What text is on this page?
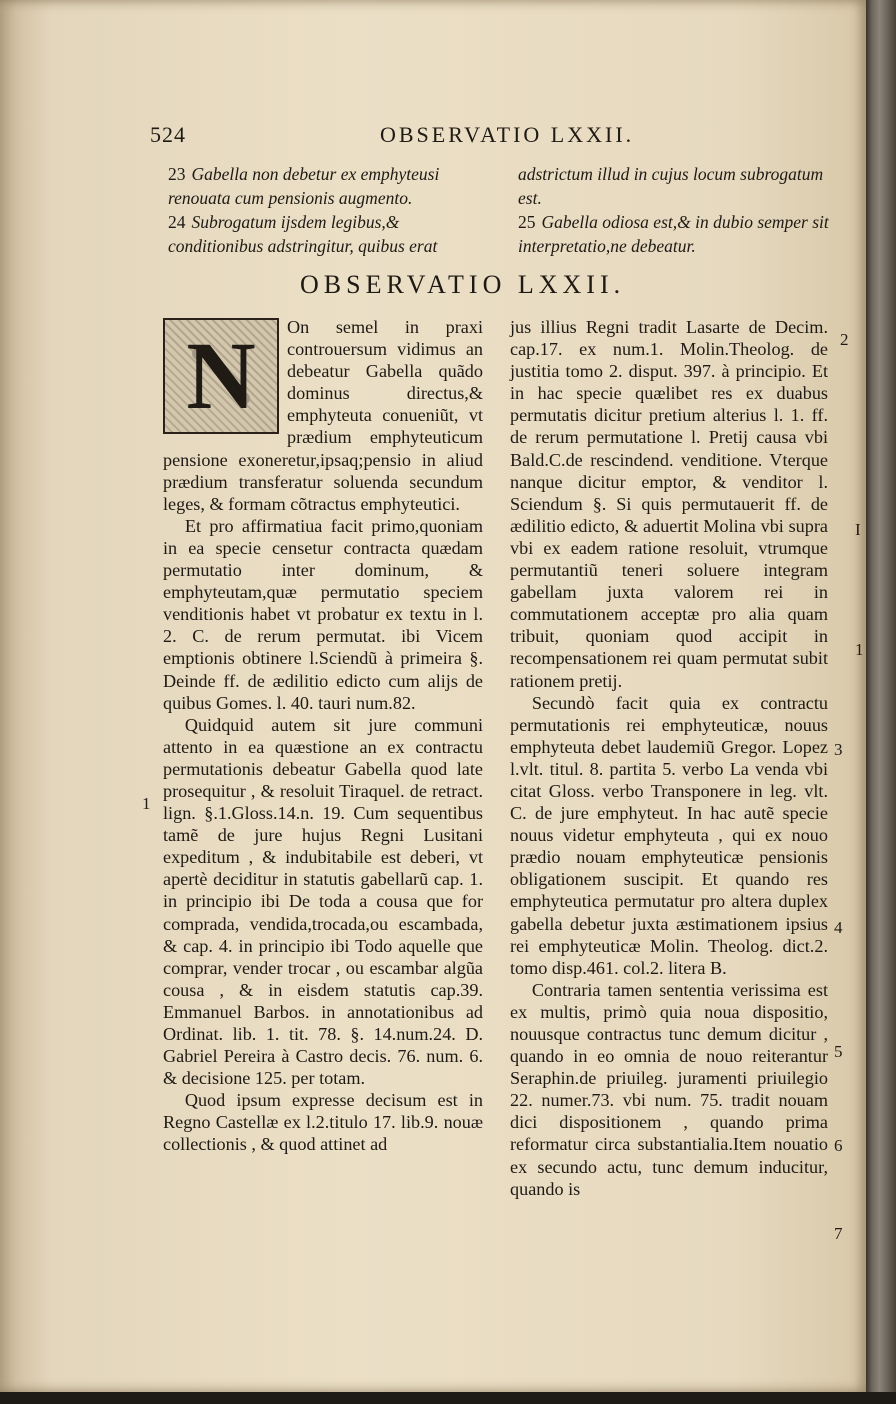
524	OBSERVATIO LXXII.

23 Gabella non debetur ex emphyteusi renouata cum pensionis augmento.

24 Subrogatum ijsdem legibus,& conditionibus adstringitur, quibus erat

adstrictum illud in cujus locum subrogatum est.

25 Gabella odiosa est,& in dubio semper sit interpretatio,ne debeatur.

OBSERVATIO LXXII.
N	On semel in praxi controuersum vidimus an debeatur Gabella quãdo dominus directus,& emphyteuta conueniũt, vt prædium emphyteuticum pensione exoneretur,ipsaq;pensio in aliud prædium transferatur soluenda secundum leges, & formam cõtractus emphyteutici.

Et pro affirmatiua facit primo,quoniam in ea specie censetur contracta quædam permutatio inter dominum, & emphyteutam,quæ permutatio speciem venditionis habet vt probatur ex textu in l. 2. C. de rerum permutat. ibi Vicem emptionis obtinere l.Sciendũ à primeira §. Deinde ff. de ædilitio edicto cum alijs de quibus Gomes. l. 40. tauri num.82.

Quidquid autem sit jure communi attento in ea quæstione an ex contractu permutationis debeatur Gabella quod late prosequitur , & resoluit Tiraquel. de retract. lign. §.1.Gloss.14.n. 19. Cum sequentibus tamẽ de jure hujus Regni Lusitani expeditum , & indubitabile est deberi, vt apertè deciditur in statutis gabellarũ cap. 1. in principio ibi De toda a cousa que for comprada, vendida,trocada,ou escambada, & cap. 4. in principio ibi Todo aquelle que comprar, vender trocar , ou escambar algũa cousa , & in eisdem statutis cap.39. Emmanuel Barbos. in annotationibus ad Ordinat. lib. 1. tit. 78. §. 14.num.24. D. Gabriel Pereira à Castro decis. 76. num. 6. & decisione 125. per totam.

Quod ipsum expresse decisum est in Regno Castellæ ex l.2.titulo 17. lib.9. nouæ collectionis , & quod attinet ad

jus illius Regni tradit Lasarte de Decim. cap.17. ex num.1. Molin.Theolog. de justitia tomo 2. disput. 397. à principio. Et in hac specie quælibet res ex duabus permutatis dicitur pretium alterius l. 1. ff. de rerum permutatione l. Pretij causa vbi Bald.C.de rescindend. venditione. Vterque nanque dicitur emptor, & venditor l. Sciendum §. Si quis permutauerit ff. de ædilitio edicto, & aduertit Molina vbi supra vbi ex eadem ratione resoluit, vtrumque permutantiũ teneri soluere integram gabellam juxta valorem rei in commutationem acceptæ pro alia quam tribuit, quoniam quod accipit in recompensationem rei quam permutat subit rationem pretij.

Secundò facit quia ex contractu permutationis rei emphyteuticæ, nouus emphyteuta debet laudemiũ Gregor. Lopez l.vlt. titul. 8. partita 5. verbo La venda vbi citat Gloss. verbo Transponere in leg. vlt. C. de jure emphyteut. In hac autẽ specie nouus videtur emphyteuta , qui ex nouo prædio nouam emphyteuticæ pensionis obligationem suscipit. Et quando res emphyteutica permutatur pro altera duplex gabella debetur juxta æstimationem ipsius rei emphyteuticæ Molin. Theolog. dict.2. tomo disp.461. col.2. litera B.

Contraria tamen sententia verissima est ex multis, primò quia noua dispositio, nouusque contractus tunc demum dicitur , quando in eo omnia de nouo reiterantur Seraphin.de priuileg. juramenti priuilegio 22. numer.73. vbi num. 75. tradit nouam dici dispositionem , quando prima reformatur circa substantialia.Item nouatio ex secundo actu, tunc demum inducitur, quando is

2
I
1
3
4
5
6
7
1
